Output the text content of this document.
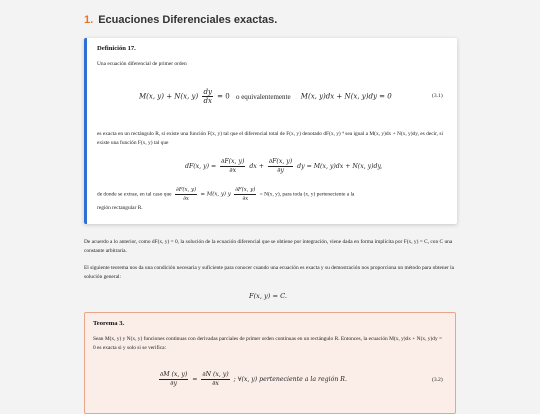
1. Ecuaciones Diferenciales exactas.
Definición 17.
Una ecuación diferencial de primer orden
M(x, y) + N(x, $y) \frac{dy}{dx} = 0$ o equivalentemente M(x, y)dx + N(x, y)dy = 0	(3.1)
es exacta en un rectángulo R, si existe una función F(x, y) tal que el diferencial total de F(x, y) denotado dF(x, y) ⁴ sea igual a M(x, y)dx + N(x, y)dy, es decir, si existe una función F(x, y) tal que
dF(x, $y) = \frac{\partial F(x, y)}{\partial x}$ dx + $\frac{\partial F(x, y)}{\partial y}$ dy = M(x, y)dx + N(x, y)dy,
de donde se extrae, en tal caso que $\frac{\partial F(x, y)}{\partial x} = M(x$, y) y $\frac{\partial F(x, y)}{\partial x} = N(x$, y), para toda (x, y) perteneciente a la
región rectangular R.
De acuerdo a lo anterior, como dF(x, y) = 0, la solución de la ecuación diferencial que se obtiene por integración, viene dada en forma implícita por F(x, y) = C, con C una constante arbitraria.
El siguiente teorema nos da una condición necesaria y suficiente para conocer cuando una ecuación es exacta y su demostración nos proporciona un método para obtener la solución general:
F(x, y) = C.
Teorema 3.
Sean M(x, y) y N(x, y) funciones continuas con derivadas parciales de primer orden continuas en un rectángulo R. Entonces, la ecuación M(x, y)dx + N(x, y)dy = 0 es exacta si y solo si se verifica:
$\frac{\partial M (x, y)}{\partial y} = \frac{\partial N (x, y)}{\partial x}$ ; ∀(x, y) perteneciente a la región R.	(3.2)
